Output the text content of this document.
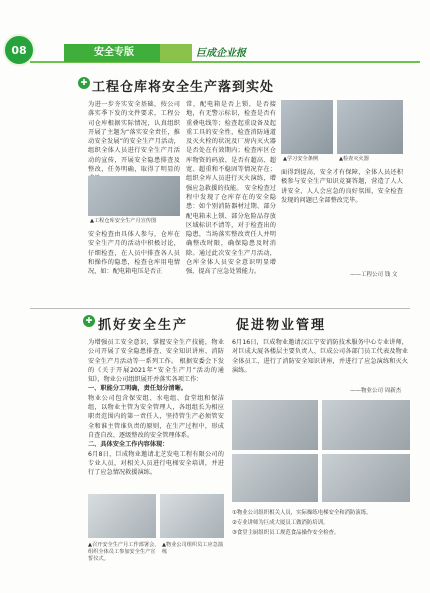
08	安全专版	巨成企业报
✚ 工程仓库将安全生产落到实处
为进一步夯实安全基础，按公司落实季下发的文件要求，工程公司仓库根据实际情况，认真组织开展了主题为“落实安全责任，推动安全发展”的安全生产月活动，组织全体人员进行安全生产月活动的宣传，开展安全隐患排查及整改，任务明确，取得了明显的
▲工程仓库安全生产月宣传图
安全检查由具体人参与，仓库在安全生产月的活动中积极讨论，仔细检查，在人员中排查各人员和操作的隐患，检查仓库用电情况，如：配电箱电压是否正
常，配电箱是否上锁，是否接地，有无警示标识，检查是否有重叠电线等；检查起重设备及起重工具的安全性，检查消防通道及灭火栓的状况及厂房内灭火器是否处在有效期内；检查库区仓库物资的码放、是否有超高、超宽、超重和不稳固等情况存在；组织全库人员进行灭火演练，增强应急救援的技能。 安全检查过程中发现了仓库存在的安全隐患：如个别消防器材过期、部分配电箱未上锁、部分危险品存放区域标识不清等，对于检查出的隐患，当场落实整改责任人并明确整改时限，确保隐患及时消除。通过此次安全生产月活动，仓库全体人员安全意识明显增强，提高了应急处置能力。
▲学习安全条例	▲检查灭火器
面得到提高，安全才有保障，全体人员还积极参与安全生产知识竞赛答题，营造了人人讲安全、人人会应急的良好氛围，安全检查发现的问题已全部整改完毕。
——工程公司 钱 文
✚ 抓好安全生产	促进物业管理
为增强员工安全意识，掌握安全生产技能，物业公司开展了安全隐患排查、安全知识讲座、消防安全生产月活动等一系列工作。 根据安委会下发的《关于开展2021年“安全生产月”活动的通知》，物业公司组织展开并落实各项工作：
一、职能分工明确，责任划分清晰。
物业公司包含保安组、水电组、食堂组和保洁组，以物业主管为安全管理人，各组组长为相应职责范围内的第一责任人，坚持管生产必须管安全和谁主管谁负责的原则，在生产过程中，形成自查自改、逐级整改的安全管理体系。
二、具体安全工作内容体现：
6月8日，巨成物业邀请北芝发电工程有限公司的专业人员，对相关人员进行电梯安全培训，并进行了应急情况救援演练。
6月16日，巨成物业邀请汉江宁安消防技术服务中心专业讲师，对巨成大厦各楼层主要负责人、巨成公司各部门员工代表及物业全体员工，进行了消防安全知识讲座，并进行了应急演练和灭火演练。
——物业公司 周新杰
①物业公司组织相关人员，实际操练电梯安全和消防演练。
②专业讲师为巨成大厦员工做消防培训。
③食堂主厨组织员工规范食品操作安全检查。
▲召开安全生产月工作部署会，组织全体员工参加安全生产宣誓仪式。
▲物业公司组织员工应急演练
